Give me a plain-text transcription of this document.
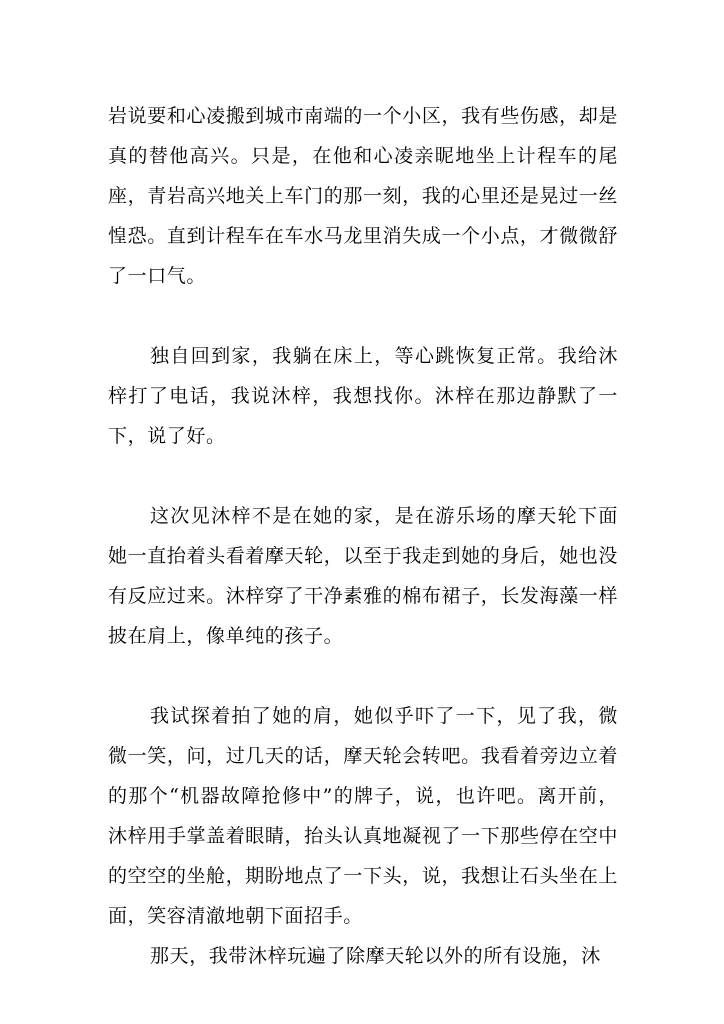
岩说要和心凌搬到城市南端的一个小区，我有些伤感，却是真的替他高兴。只是，在他和心凌亲昵地坐上计程车的尾座，青岩高兴地关上车门的那一刻，我的心里还是晃过一丝惶恐。直到计程车在车水马龙里消失成一个小点，才微微舒了一口气。

独自回到家，我躺在床上，等心跳恢复正常。我给沐梓打了电话，我说沐梓，我想找你。沐梓在那边静默了一下，说了好。

这次见沐梓不是在她的家，是在游乐场的摩天轮下面她一直抬着头看着摩天轮，以至于我走到她的身后，她也没有反应过来。沐梓穿了干净素雅的棉布裙子，长发海藻一样披在肩上，像单纯的孩子。

我试探着拍了她的肩，她似乎吓了一下，见了我，微微一笑，问，过几天的话，摩天轮会转吧。我看着旁边立着的那个“机器故障抢修中”的牌子，说，也许吧。离开前，沐梓用手掌盖着眼睛，抬头认真地凝视了一下那些停在空中的空空的坐舱，期盼地点了一下头，说，我想让石头坐在上面，笑容清澈地朝下面招手。

那天，我带沐梓玩遍了除摩天轮以外的所有设施，沐
